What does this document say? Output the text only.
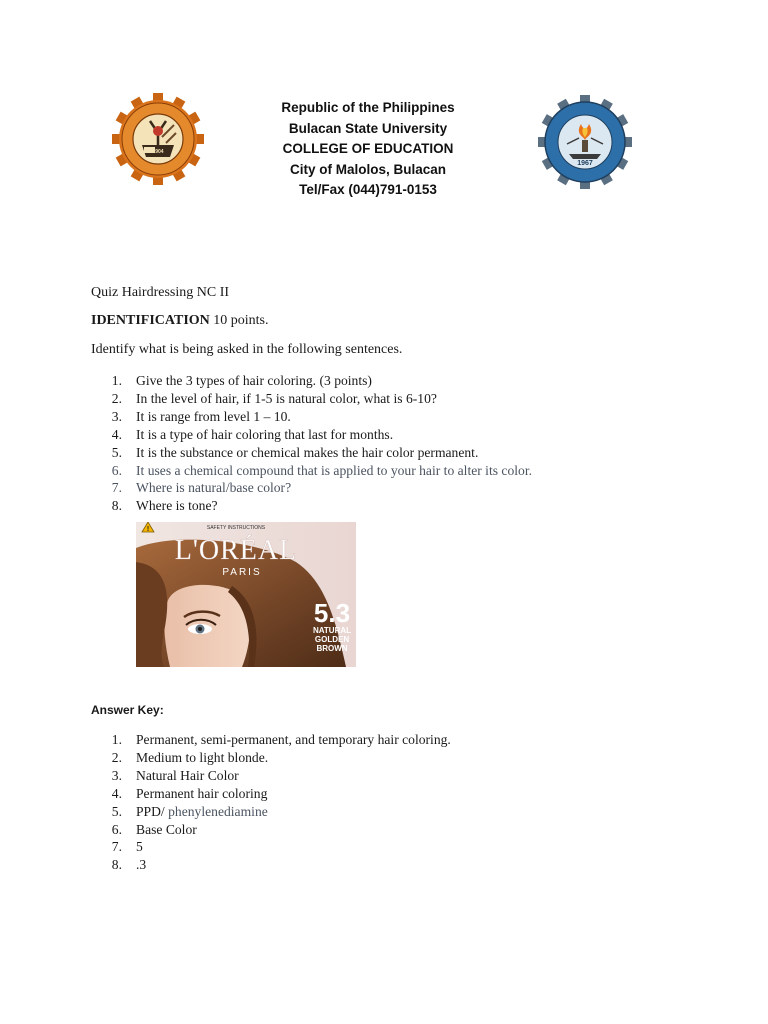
1904
Republic of the Philippines
Bulacan State University
COLLEGE OF EDUCATION
City of Malolos, Bulacan
Tel/Fax (044)791-0153
1967
Quiz Hairdressing NC II
IDENTIFICATION 10 points.
Identify what is being asked in the following sentences.
1.	Give the 3 types of hair coloring. (3 points)
2.	In the level of hair, if 1-5 is natural color, what is 6-10?
3.	It is range from level 1 – 10.
4.	It is a type of hair coloring that last for months.
5.	It is the substance or chemical makes the hair color permanent.
6.	It uses a chemical compound that is applied to your hair to alter its color.
7.	Where is natural/base color?
8.	Where is tone?
!	SAFETY INSTRUCTIONS
L'ORÉAL
PARIS
5.3
NATURAL
GOLDEN
BROWN
Answer Key:
1.	Permanent, semi-permanent, and temporary hair coloring.
2.	Medium to light blonde.
3.	Natural Hair Color
4.	Permanent hair coloring
5.	PPD/ phenylenediamine
6.	Base Color
7.	5
8.	.3
